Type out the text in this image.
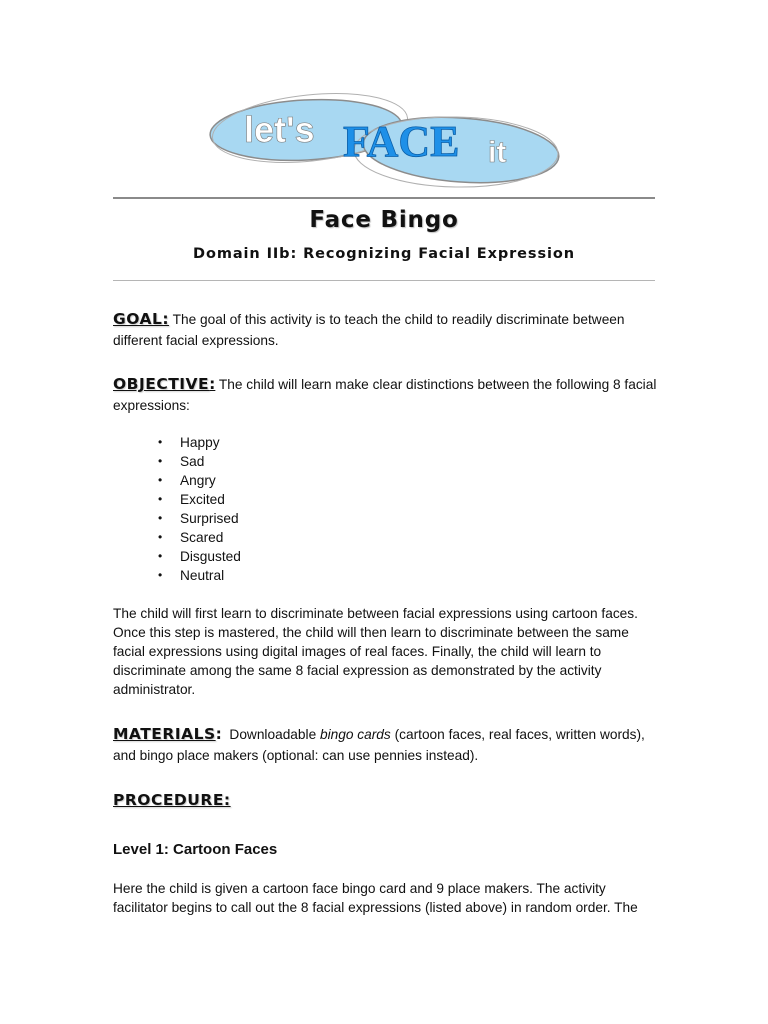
let's FACE it
Face Bingo
Domain IIb: Recognizing Facial Expression

GOAL: The goal of this activity is to teach the child to readily discriminate between different facial expressions.

OBJECTIVE: The child will learn make clear distinctions between the following 8 facial expressions:

• Happy
• Sad
• Angry
• Excited
• Surprised
• Scared
• Disgusted
• Neutral

The child will first learn to discriminate between facial expressions using cartoon faces. Once this step is mastered, the child will then learn to discriminate between the same facial expressions using digital images of real faces. Finally, the child will learn to discriminate among the same 8 facial expression as demonstrated by the activity administrator.

MATERIALS:  Downloadable bingo cards (cartoon faces, real faces, written words), and bingo place makers (optional: can use pennies instead).

PROCEDURE:

Level 1: Cartoon Faces

Here the child is given a cartoon face bingo card and 9 place makers. The activity facilitator begins to call out the 8 facial expressions (listed above) in random order. The
